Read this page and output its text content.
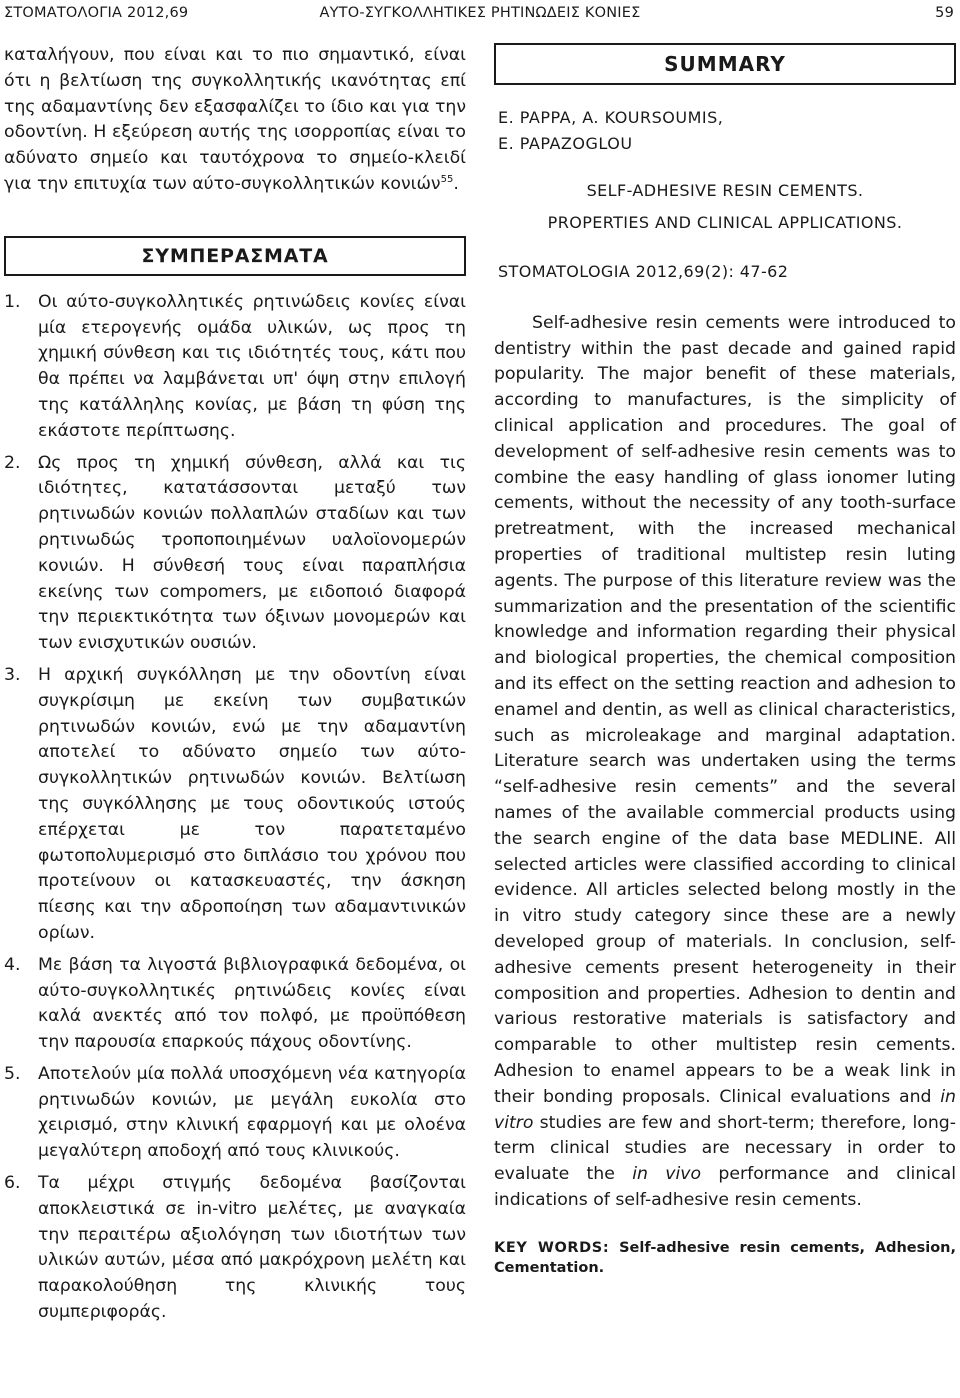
ΣΤΟΜΑΤΟΛΟΓΙΑ 2012,69	ΑΥΤΟ-ΣΥΓΚΟΛΛΗΤΙΚΕΣ ΡΗΤΙΝΩΔΕΙΣ ΚΟΝΙΕΣ	59

καταλήγουν, που είναι και το πιο σημαντικό, είναι ότι η βελτίωση της συγκολλητικής ικανότητας επί της αδαμαντίνης δεν εξασφαλίζει το ίδιο και για την οδοντίνη. Η εξεύρεση αυτής της ισορροπίας είναι το αδύνατο σημείο και ταυτόχρονα το σημείο-κλειδί για την επιτυχία των αύτο-συγκολλητικών κονιών$^{55}$.

ΣΥΜΠΕΡΑΣΜΑΤΑ
1. Οι αύτο-συγκολλητικές ρητινώδεις κονίες είναι μία ετερογενής ομάδα υλικών, ως προς τη χημική σύνθεση και τις ιδιότητές τους, κάτι που θα πρέπει να λαμβάνεται υπ' όψη στην επιλογή της κατάλληλης κονίας, με βάση τη φύση της εκάστοτε περίπτωσης.
2. Ως προς τη χημική σύνθεση, αλλά και τις ιδιότητες, κατατάσσονται μεταξύ των ρητινωδών κονιών πολλαπλών σταδίων και των ρητινωδώς τροποποιημένων υαλοϊονομερών κονιών. Η σύνθεσή τους είναι παραπλήσια εκείνης των compomers, με ειδοποιό διαφορά την περιεκτικότητα των όξινων μονομερών και των ενισχυτικών ουσιών.
3. Η αρχική συγκόλληση με την οδοντίνη είναι συγκρίσιμη με εκείνη των συμβατικών ρητινωδών κονιών, ενώ με την αδαμαντίνη αποτελεί το αδύνατο σημείο των αύτο-συγκολλητικών ρητινωδών κονιών. Βελτίωση της συγκόλλησης με τους οδοντικούς ιστούς επέρχεται με τον παρατεταμένο φωτοπολυμερισμό στο διπλάσιο του χρόνου που προτείνουν οι κατασκευαστές, την άσκηση πίεσης και την αδροποίηση των αδαμαντινικών ορίων.
4. Με βάση τα λιγοστά βιβλιογραφικά δεδομένα, οι αύτο-συγκολλητικές ρητινώδεις κονίες είναι καλά ανεκτές από τον πολφό, με προϋπόθεση την παρουσία επαρκούς πάχους οδοντίνης.
5. Αποτελούν μία πολλά υποσχόμενη νέα κατηγορία ρητινωδών κονιών, με μεγάλη ευκολία στο χειρισμό, στην κλινική εφαρμογή και με ολοένα μεγαλύτερη αποδοχή από τους κλινικούς.
6. Τα μέχρι στιγμής δεδομένα βασίζονται αποκλειστικά σε in-vitro μελέτες, με αναγκαία την περαιτέρω αξιολόγηση των ιδιοτήτων των υλικών αυτών, μέσα από μακρόχρονη μελέτη και παρακολούθηση της κλινικής τους συμπεριφοράς.
SUMMARY
E. PAPPA, A. KOURSOUMIS,
E. PAPAZOGLOU
SELF-ADHESIVE RESIN CEMENTS.
PROPERTIES AND CLINICAL APPLICATIONS.
STOMATOLOGIA 2012,69(2): 47-62

Self-adhesive resin cements were introduced to dentistry within the past decade and gained rapid popularity. The major benefit of these materials, according to manufactures, is the simplicity of clinical application and procedures. The goal of development of self-adhesive resin cements was to combine the easy handling of glass ionomer luting cements, without the necessity of any tooth-surface pretreatment, with the increased mechanical properties of traditional multistep resin luting agents. The purpose of this literature review was the summarization and the presentation of the scientific knowledge and information regarding their physical and biological properties, the chemical composition and its effect on the setting reaction and adhesion to enamel and dentin, as well as clinical characteristics, such as microleakage and marginal adaptation. Literature search was undertaken using the terms “self-adhesive resin cements” and the several names of the available commercial products using the search engine of the data base MEDLINE. All selected articles were classified according to clinical evidence. All articles selected belong mostly in the in vitro study category since these are a newly developed group of materials. In conclusion, self-adhesive cements present heterogeneity in their composition and properties. Adhesion to dentin and various restorative materials is satisfactory and comparable to other multistep resin cements. Adhesion to enamel appears to be a weak link in their bonding proposals. Clinical evaluations and in vitro studies are few and short-term; therefore, long-term clinical studies are necessary in order to evaluate the in vivo performance and clinical indications of self-adhesive resin cements.

KEY WORDS: Self-adhesive resin cements, Adhesion, Cementation.
